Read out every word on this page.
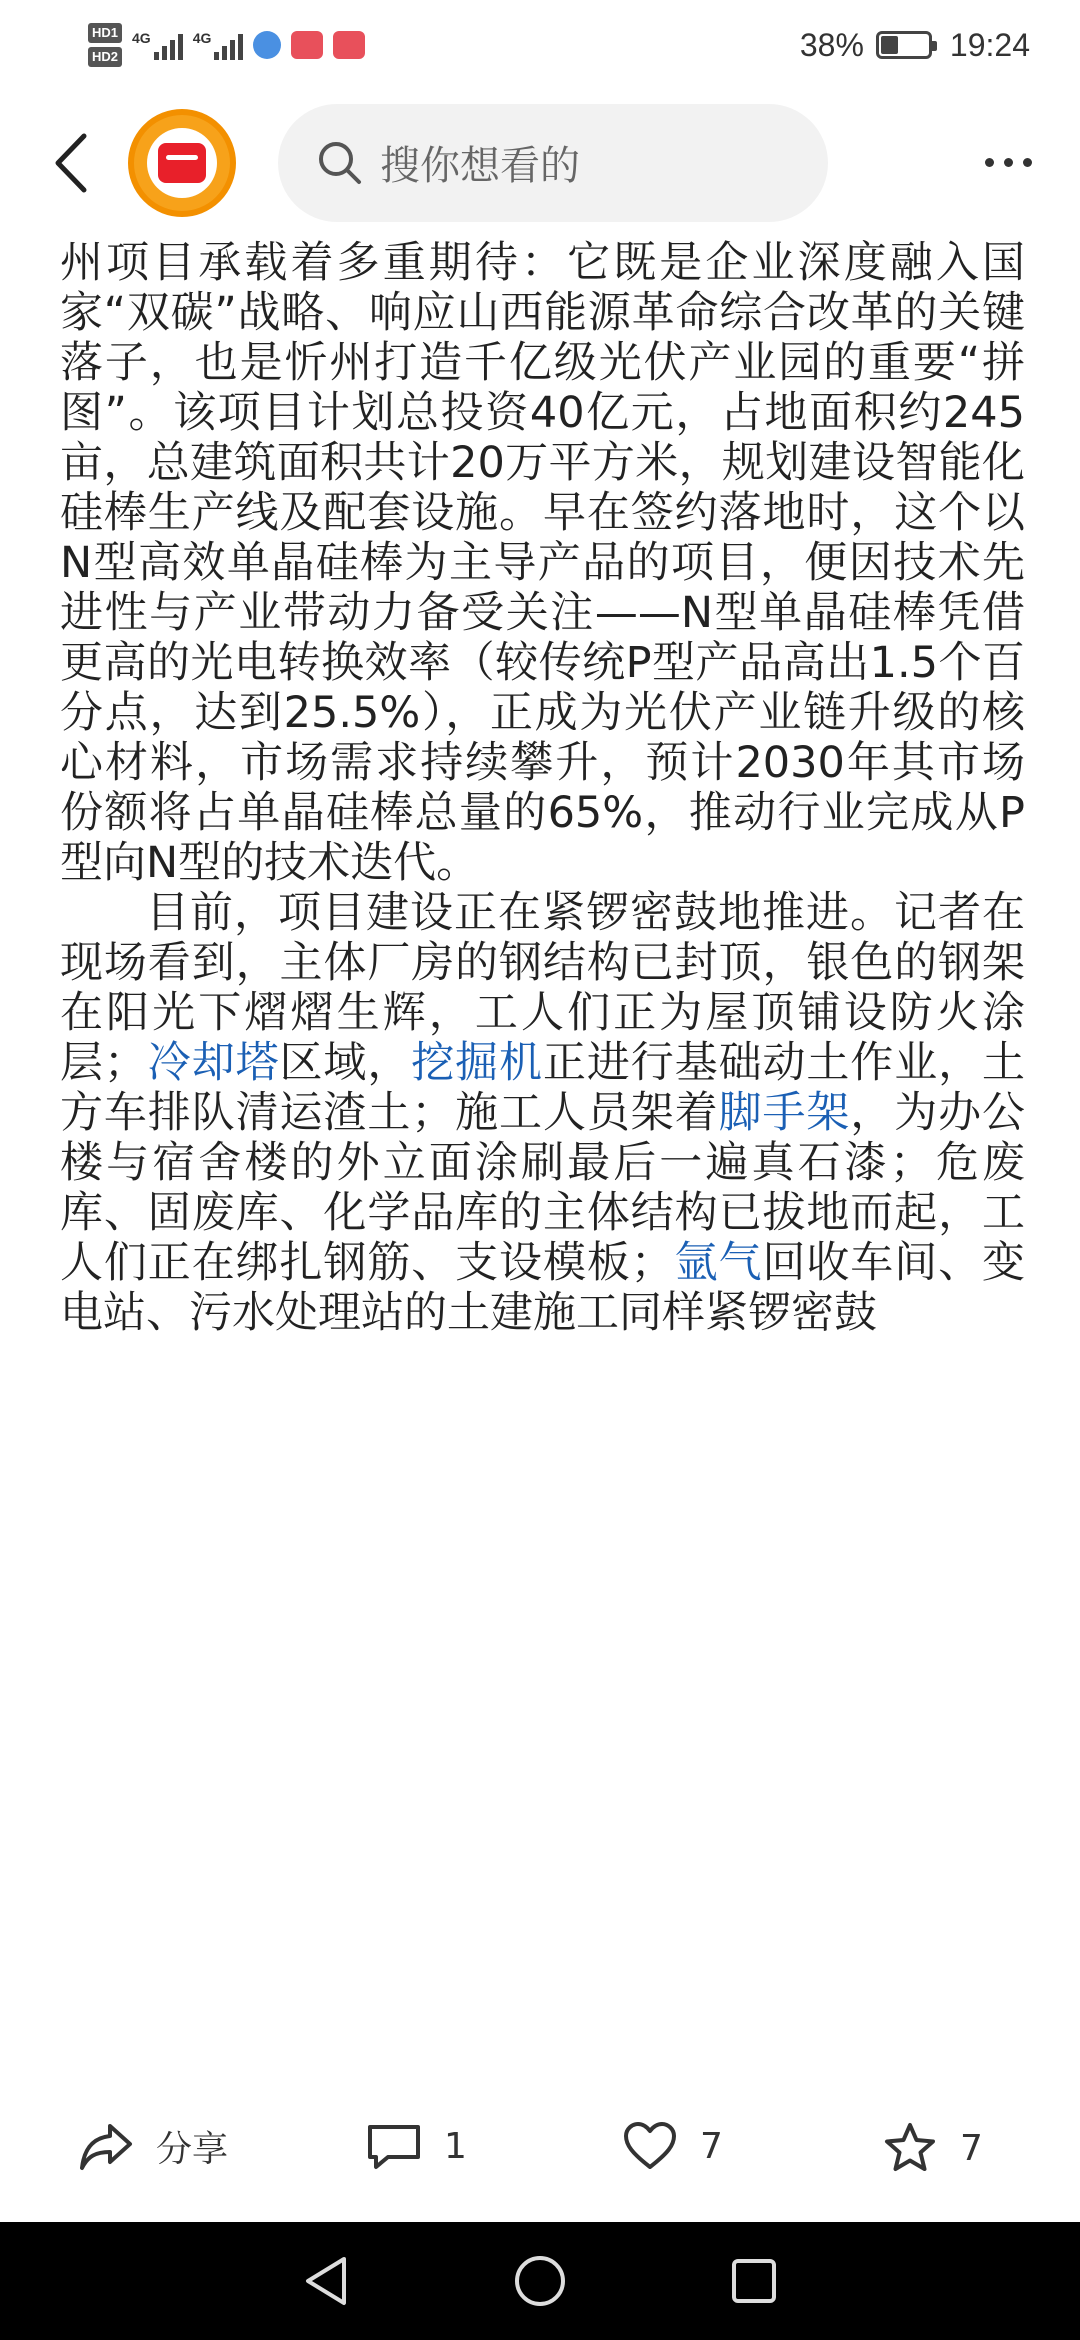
HD1
HD2
4G	4G	38%	19:24
搜你想看的

州项目承载着多重期待：它既是企业深度融入国家“双碳”战略、响应山西能源革命综合改革的关键落子，也是忻州打造千亿级光伏产业园的重要“拼图”。该项目计划总投资40亿元，占地面积约245亩，总建筑面积共计20万平方米，规划建设智能化硅棒生产线及配套设施。早在签约落地时，这个以N型高效单晶硅棒为主导产品的项目，便因技术先进性与产业带动力备受关注——N型单晶硅棒凭借更高的光电转换效率（较传统P型产品高出1.5个百分点，达到25.5%），正成为光伏产业链升级的核心材料，市场需求持续攀升，预计2030年其市场份额将占单晶硅棒总量的65%，推动行业完成从P型向N型的技术迭代。

目前，项目建设正在紧锣密鼓地推进。记者在现场看到，主体厂房的钢结构已封顶，银色的钢架在阳光下熠熠生辉，工人们正为屋顶铺设防火涂层；冷却塔区域，挖掘机正进行基础动土作业，土方车排队清运渣土；施工人员架着脚手架，为办公楼与宿舍楼的外立面涂刷最后一遍真石漆；危废库、固废库、化学品库的主体结构已拔地而起，工人们正在绑扎钢筋、支设模板；氩气回收车间、变电站、污水处理站的土建施工同样紧锣密鼓

分享	1	7	7
